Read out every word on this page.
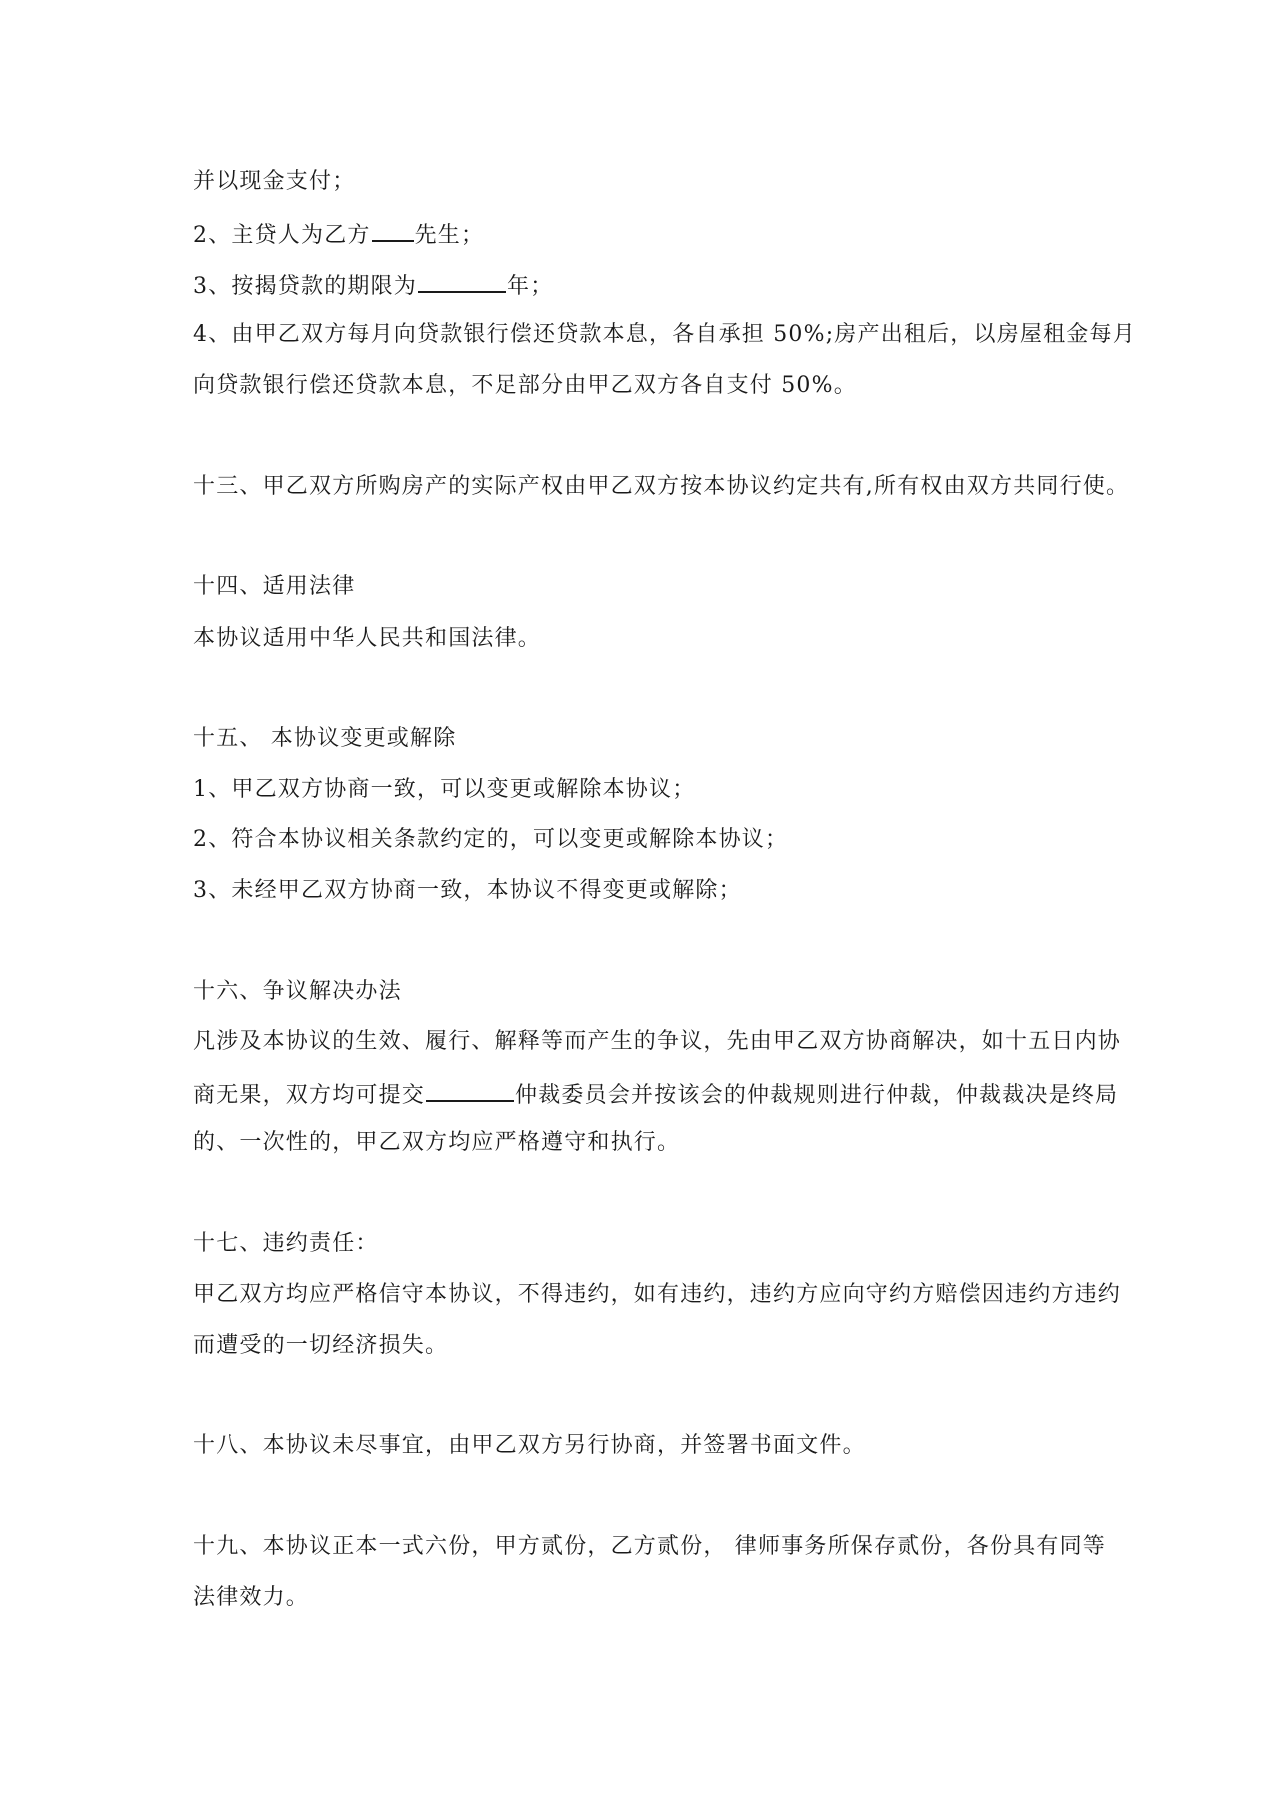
并以现金支付；
2、主贷人为乙方 先生；
3、按揭贷款的期限为	年；
4、由甲乙双方每月向贷款银行偿还贷款本息，各自承担 50%;房产出租后，以房屋租金每月
向贷款银行偿还贷款本息，不足部分由甲乙双方各自支付 50%。
十三、甲乙双方所购房产的实际产权由甲乙双方按本协议约定共有,所有权由双方共同行使。
十四、适用法律
本协议适用中华人民共和国法律。
十五、 本协议变更或解除
1、甲乙双方协商一致，可以变更或解除本协议；
2、符合本协议相关条款约定的，可以变更或解除本协议；
3、未经甲乙双方协商一致，本协议不得变更或解除；
十六、争议解决办法
凡涉及本协议的生效、履行、解释等而产生的争议，先由甲乙双方协商解决，如十五日内协
商无果，双方均可提交	仲裁委员会并按该会的仲裁规则进行仲裁，仲裁裁决是终局
的、一次性的，甲乙双方均应严格遵守和执行。
十七、违约责任：
甲乙双方均应严格信守本协议，不得违约，如有违约，违约方应向守约方赔偿因违约方违约
而遭受的一切经济损失。
十八、本协议未尽事宜，由甲乙双方另行协商，并签署书面文件。
十九、本协议正本一式六份，甲方贰份，乙方贰份， 律师事务所保存贰份，各份具有同等
法律效力。
